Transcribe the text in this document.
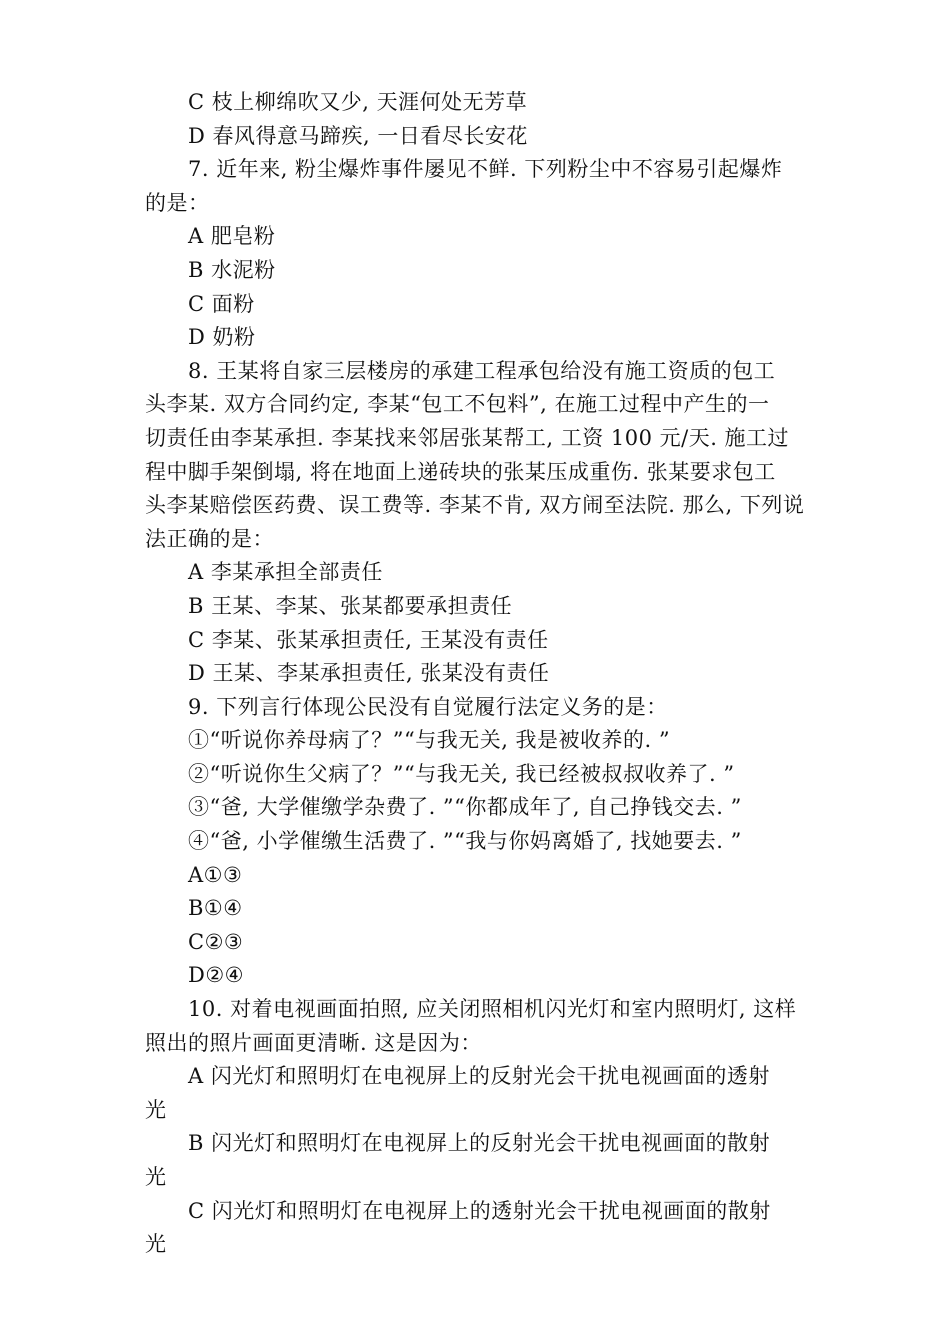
C 枝上柳绵吹又少, 天涯何处无芳草
D 春风得意马蹄疾, 一日看尽长安花
7. 近年来, 粉尘爆炸事件屡见不鲜. 下列粉尘中不容易引起爆炸
的是：
A 肥皂粉
B 水泥粉
C 面粉
D 奶粉
8. 王某将自家三层楼房的承建工程承包给没有施工资质的包工
头李某. 双方合同约定, 李某“包工不包料”, 在施工过程中产生的一
切责任由李某承担. 李某找来邻居张某帮工, 工资 100 元/天. 施工过
程中脚手架倒塌, 将在地面上递砖块的张某压成重伤. 张某要求包工
头李某赔偿医药费、误工费等. 李某不肯, 双方闹至法院. 那么, 下列说
法正确的是：
A 李某承担全部责任
B 王某、李某、张某都要承担责任
C 李某、张某承担责任, 王某没有责任
D 王某、李某承担责任, 张某没有责任
9. 下列言行体现公民没有自觉履行法定义务的是：
①“听说你养母病了？”“与我无关, 我是被收养的. ”
②“听说你生父病了？”“与我无关, 我已经被叔叔收养了. ”
③“爸, 大学催缴学杂费了. ”“你都成年了, 自己挣钱交去. ”
④“爸, 小学催缴生活费了. ”“我与你妈离婚了, 找她要去. ”
A①③
B①④
C②③
D②④
10. 对着电视画面拍照, 应关闭照相机闪光灯和室内照明灯, 这样
照出的照片画面更清晰. 这是因为：
A 闪光灯和照明灯在电视屏上的反射光会干扰电视画面的透射
光
B 闪光灯和照明灯在电视屏上的反射光会干扰电视画面的散射
光
C 闪光灯和照明灯在电视屏上的透射光会干扰电视画面的散射
光
